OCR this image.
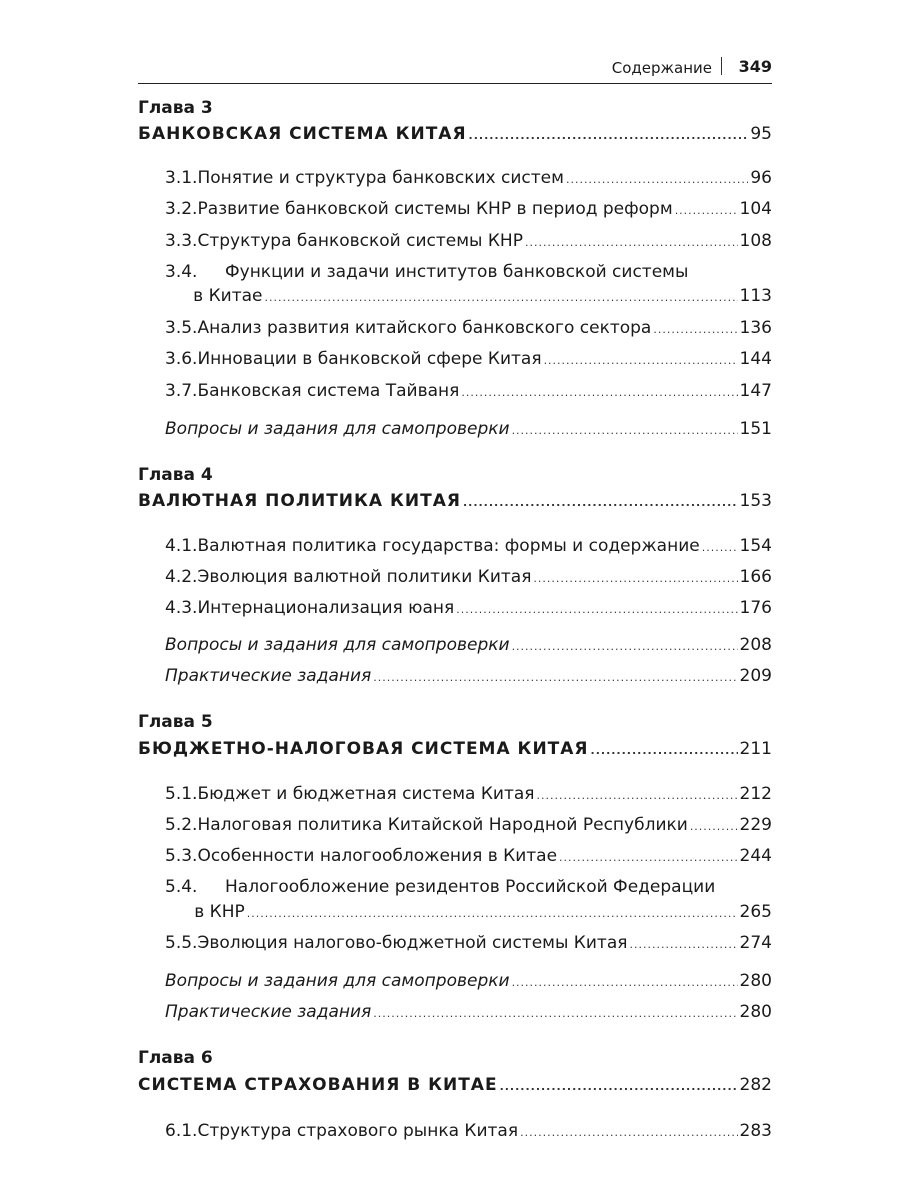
Содержание 349
Глава 3
БАНКОВСКАЯ СИСТЕМА КИТАЯ .....	95
3.1. Понятие и структура банковских систем .....	96
3.2. Развитие банковской системы КНР в период реформ .....	104
3.3. Структура банковской системы КНР .....	108
3.4.	Функции и задачи институтов банковской системы
в Китае .....	113
3.5. Анализ развития китайского банковского сектора .....	136
3.6. Инновации в банковской сфере Китая .....	144
3.7. Банковская система Тайваня .....	147
Вопросы и задания для самопроверки .....	151
Глава 4
ВАЛЮТНАЯ ПОЛИТИКА КИТАЯ .....	153
4.1. Валютная политика государства: формы и содержание ..... 154
4.2. Эволюция валютной политики Китая .....	166
4.3. Интернационализация юаня .....	176
Вопросы и задания для самопроверки .....	208
Практические задания .....	209
Глава 5
БЮДЖЕТНО-НАЛОГОВАЯ СИСТЕМА КИТАЯ .....	211
5.1. Бюджет и бюджетная система Китая .....	212
5.2. Налоговая политика Китайской Народной Республики .....	229
5.3. Особенности налогообложения в Китае .....	244
5.4.	Налогообложение резидентов Российской Федерации
в КНР .....	265
5.5. Эволюция налогово-бюджетной системы Китая .....	274
Вопросы и задания для самопроверки .....	280
Практические задания .....	280
Глава 6
СИСТЕМА СТРАХОВАНИЯ В КИТАЕ .....	282
6.1. Структура страхового рынка Китая .....	283
